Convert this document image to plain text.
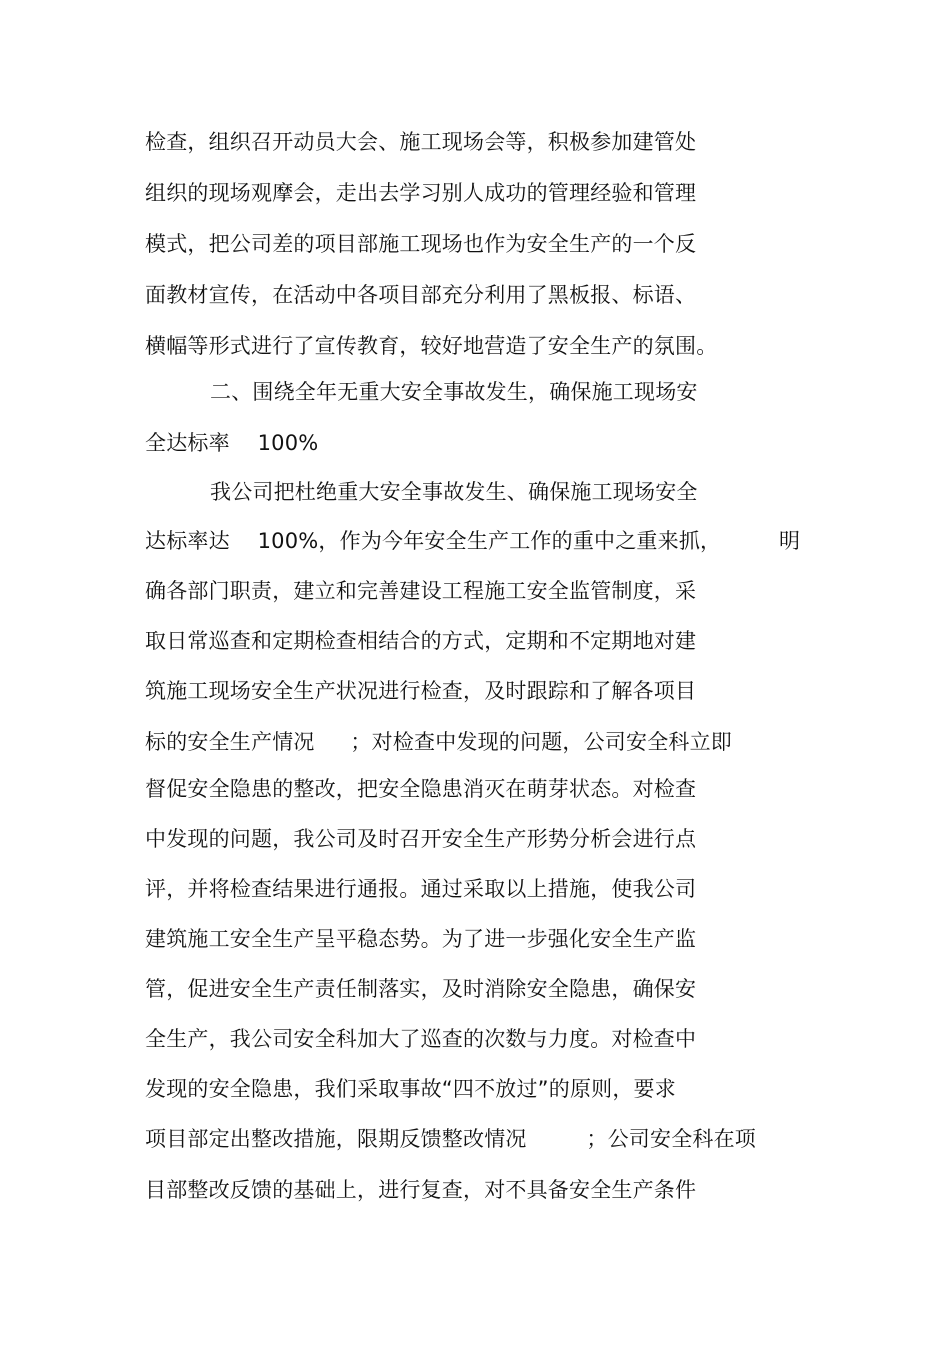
检查，组织召开动员大会、施工现场会等，积极参加建管处
组织的现场观摩会，走出去学习别人成功的管理经验和管理
模式，把公司差的项目部施工现场也作为安全生产的一个反
面教材宣传，在活动中各项目部充分利用了黑板报、标语、
横幅等形式进行了宣传教育，较好地营造了安全生产的氛围。
二、围绕全年无重大安全事故发生，确保施工现场安
全达标率 100%
我公司把杜绝重大安全事故发生、确保施工现场安全
达标率达 100%，作为今年安全生产工作的重中之重来抓，	明
确各部门职责，建立和完善建设工程施工安全监管制度，采
取日常巡查和定期检查相结合的方式，定期和不定期地对建
筑施工现场安全生产状况进行检查，及时跟踪和了解各项目
标的安全生产情况 ；对检查中发现的问题，公司安全科立即
督促安全隐患的整改，把安全隐患消灭在萌芽状态。对检查
中发现的问题，我公司及时召开安全生产形势分析会进行点
评，并将检查结果进行通报。通过采取以上措施，使我公司
建筑施工安全生产呈平稳态势。为了进一步强化安全生产监
管，促进安全生产责任制落实，及时消除安全隐患，确保安
全生产，我公司安全科加大了巡查的次数与力度。对检查中
发现的安全隐患，我们采取事故“四不放过”的原则，要求
项目部定出整改措施，限期反馈整改情况	；公司安全科在项
目部整改反馈的基础上，进行复查，对不具备安全生产条件
